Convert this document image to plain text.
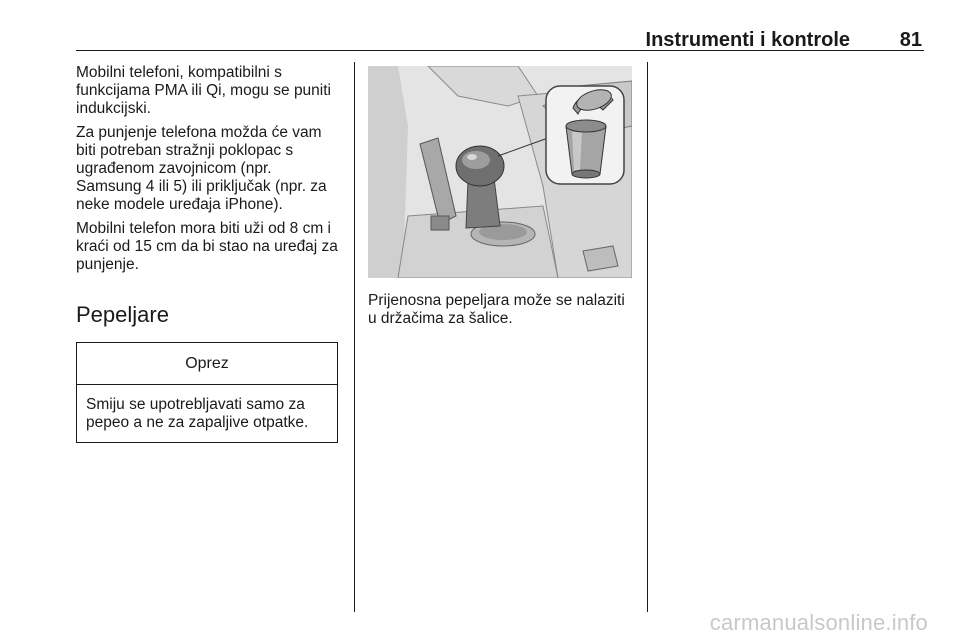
Instrumenti i kontrole 81

Mobilni telefoni, kompatibilni s funkcijama PMA ili Qi, mogu se puniti indukcijski.

Za punjenje telefona možda će vam biti potreban stražnji poklopac s ugrađenom zavojnicom (npr. Samsung 4 ili 5) ili priključak (npr. za neke modele uređaja iPhone).

Mobilni telefon mora biti uži od 8 cm i kraći od 15 cm da bi stao na uređaj za punjenje.

Pepeljare
Oprez
Smiju se upotrebljavati samo za pepeo a ne za zapaljive otpatke.

Prijenosna pepeljara može se nalaziti u držačima za šalice.

carmanualsonline.info
